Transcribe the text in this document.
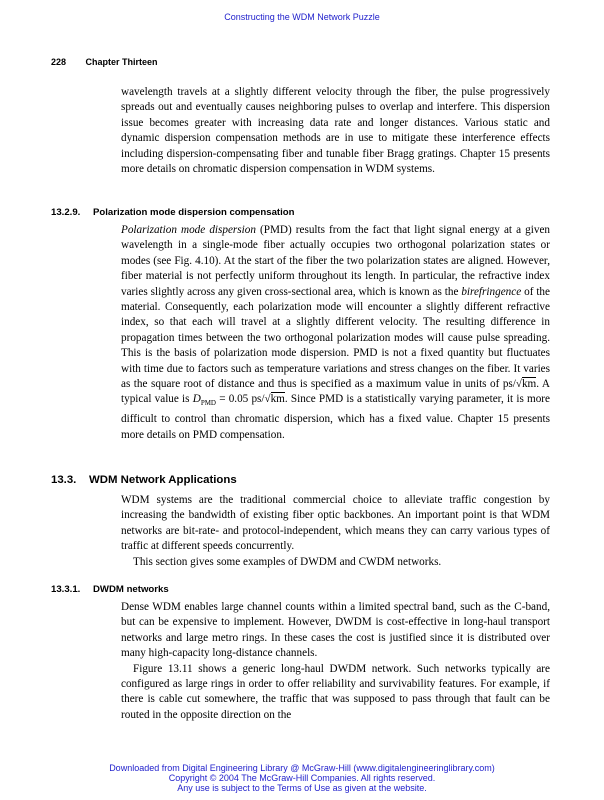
Constructing the WDM Network Puzzle
228 Chapter Thirteen

wavelength travels at a slightly different velocity through the fiber, the pulse progressively spreads out and eventually causes neighboring pulses to overlap and interfere. This dispersion issue becomes greater with increasing data rate and longer distances. Various static and dynamic dispersion compensation methods are in use to mitigate these interference effects including dispersion-compensating fiber and tunable fiber Bragg gratings. Chapter 15 presents more details on chromatic dispersion compensation in WDM systems.

13.2.9. Polarization mode dispersion compensation

Polarization mode dispersion (PMD) results from the fact that light signal energy at a given wavelength in a single-mode fiber actually occupies two orthogonal polarization states or modes (see Fig. 4.10). At the start of the fiber the two polarization states are aligned. However, fiber material is not perfectly uniform throughout its length. In particular, the refractive index varies slightly across any given cross-sectional area, which is known as the birefringence of the material. Consequently, each polarization mode will encounter a slightly different refractive index, so that each will travel at a slightly different velocity. The resulting difference in propagation times between the two orthogonal polarization modes will cause pulse spreading. This is the basis of polarization mode dispersion. PMD is not a fixed quantity but fluctuates with time due to factors such as temperature variations and stress changes on the fiber. It varies as the square root of distance and thus is specified as a maximum value in units of ps/√km. A typical value is $D_{PMD} = 0.05$ ps/√km. Since PMD is a statistically varying parameter, it is more difficult to control than chromatic dispersion, which has a fixed value. Chapter 15 presents more details on PMD compensation.

13.3. WDM Network Applications

WDM systems are the traditional commercial choice to alleviate traffic congestion by increasing the bandwidth of existing fiber optic backbones. An important point is that WDM networks are bit-rate- and protocol-independent, which means they can carry various types of traffic at different speeds concurrently.

This section gives some examples of DWDM and CWDM networks.

13.3.1. DWDM networks

Dense WDM enables large channel counts within a limited spectral band, such as the C-band, but can be expensive to implement. However, DWDM is cost-effective in long-haul transport networks and large metro rings. In these cases the cost is justified since it is distributed over many high-capacity long-distance channels.

Figure 13.11 shows a generic long-haul DWDM network. Such networks typically are configured as large rings in order to offer reliability and survivability features. For example, if there is cable cut somewhere, the traffic that was supposed to pass through that fault can be routed in the opposite direction on the

Downloaded from Digital Engineering Library @ McGraw-Hill (www.digitalengineeringlibrary.com)
Copyright © 2004 The McGraw-Hill Companies. All rights reserved.
Any use is subject to the Terms of Use as given at the website.
